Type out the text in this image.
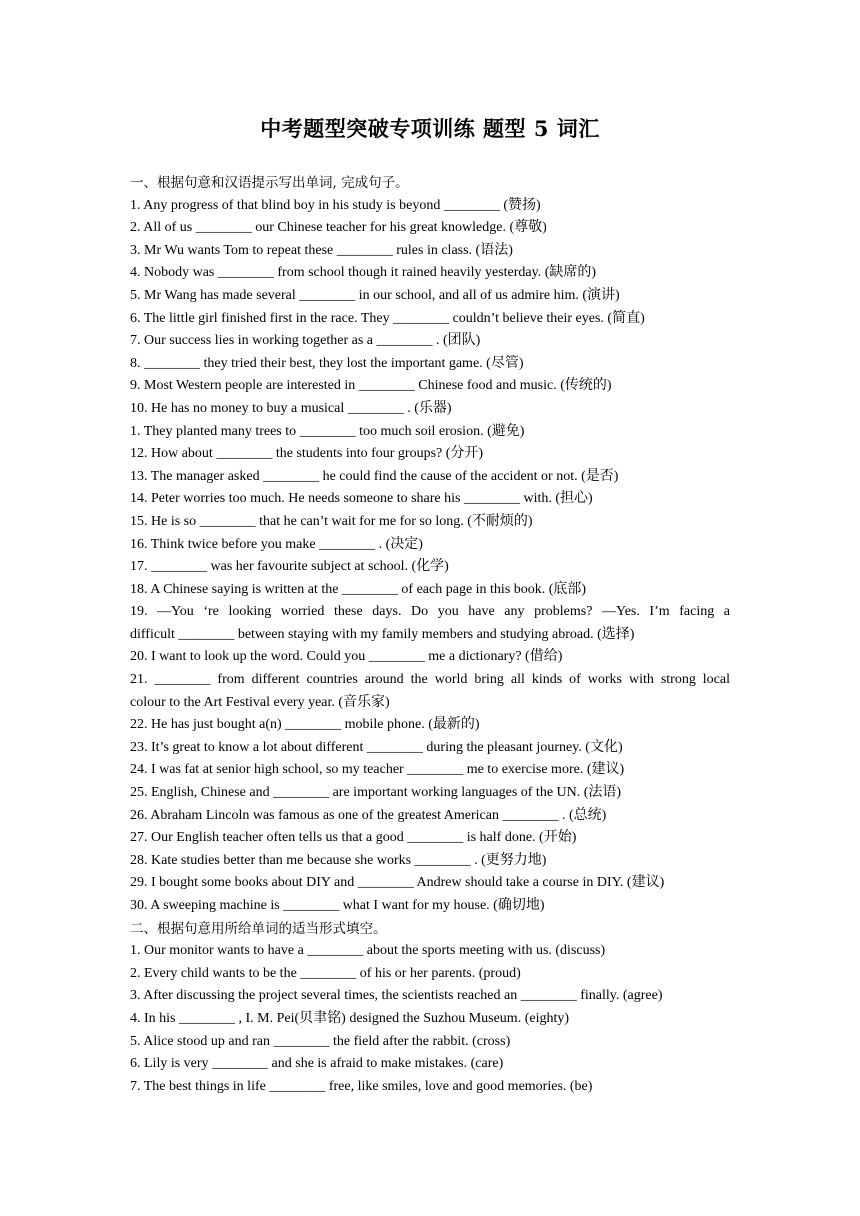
中考题型突破专项训练 题型 5 词汇
一、根据句意和汉语提示写出单词, 完成句子。
1. Any progress of that blind boy in his study is beyond ________ (赞扬)
2. All of us ________ our Chinese teacher for his great knowledge. (尊敬)
3. Mr Wu wants Tom to repeat these ________ rules in class. (语法)
4. Nobody was ________ from school though it rained heavily yesterday. (缺席的)
5. Mr Wang has made several ________ in our school, and all of us admire him. (演讲)
6. The little girl finished first in the race. They ________ couldn’t believe their eyes. (简直)
7. Our success lies in working together as a ________ . (团队)
8. ________ they tried their best, they lost the important game. (尽管)
9. Most Western people are interested in ________ Chinese food and music. (传统的)
10. He has no money to buy a musical ________ . (乐器)
1. They planted many trees to ________ too much soil erosion. (避免)
12. How about ________ the students into four groups? (分开)
13. The manager asked ________ he could find the cause of the accident or not. (是否)
14. Peter worries too much. He needs someone to share his ________ with. (担心)
15. He is so ________ that he can’t wait for me for so long. (不耐烦的)
16. Think twice before you make ________ . (决定)
17. ________ was her favourite subject at school. (化学)
18. A Chinese saying is written at the ________ of each page in this book. (底部)
19. —You ‘re looking worried these days. Do you have any problems? —Yes. I’m facing a
difficult ________ between staying with my family members and studying abroad. (选择)
20. I want to look up the word. Could you ________ me a dictionary? (借给)
21. ________ from different countries around the world bring all kinds of works with strong local
colour to the Art Festival every year. (音乐家)
22. He has just bought a(n) ________ mobile phone. (最新的)
23. It’s great to know a lot about different ________ during the pleasant journey. (文化)
24. I was fat at senior high school, so my teacher ________ me to exercise more. (建议)
25. English, Chinese and ________ are important working languages of the UN. (法语)
26. Abraham Lincoln was famous as one of the greatest American ________ . (总统)
27. Our English teacher often tells us that a good ________ is half done. (开始)
28. Kate studies better than me because she works ________ . (更努力地)
29. I bought some books about DIY and ________ Andrew should take a course in DIY. (建议)
30. A sweeping machine is ________ what I want for my house. (确切地)
二、根据句意用所给单词的适当形式填空。
1. Our monitor wants to have a ________ about the sports meeting with us. (discuss)
2. Every child wants to be the ________ of his or her parents. (proud)
3. After discussing the project several times, the scientists reached an ________ finally. (agree)
4. In his ________ , I. M. Pei(贝聿铭) designed the Suzhou Museum. (eighty)
5. Alice stood up and ran ________ the field after the rabbit. (cross)
6. Lily is very ________ and she is afraid to make mistakes. (care)
7. The best things in life ________ free, like smiles, love and good memories. (be)
